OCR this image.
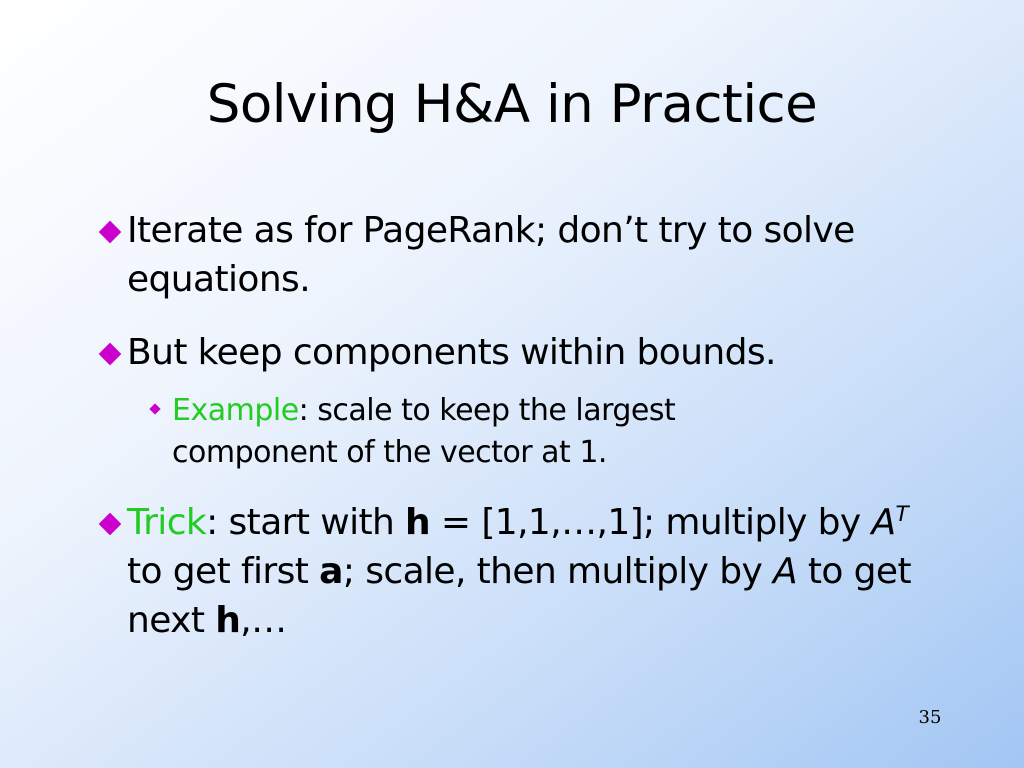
Solving H&A in Practice
Iterate as for PageRank; don’t try to solve equations.
But keep components within bounds.
Example: scale to keep the largest component of the vector at 1.
Trick: start with h = [1,1,…,1]; multiply by $A^T$ to get first a; scale, then multiply by A to get next h,…
35
